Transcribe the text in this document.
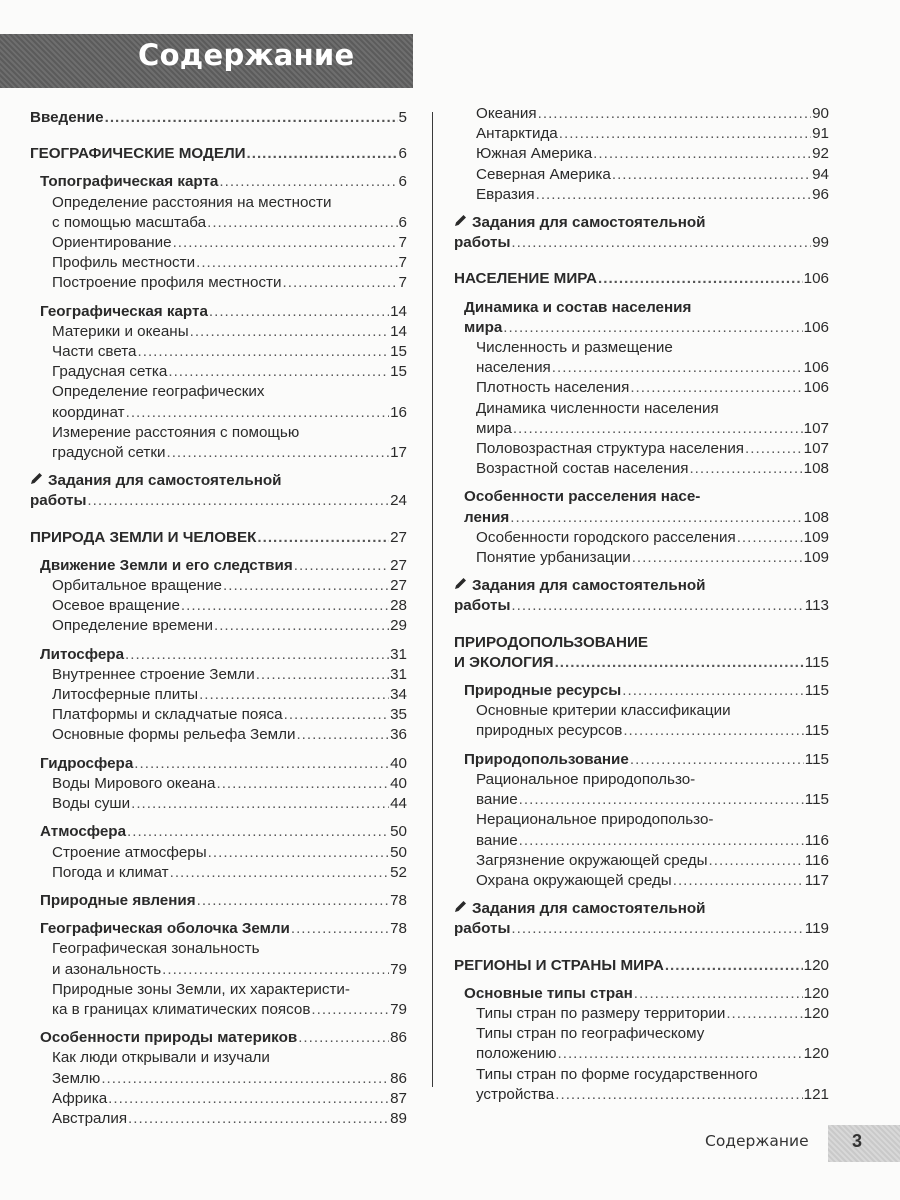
Содержание
Введение .....	5
ГЕОГРАФИЧЕСКИЕ МОДЕЛИ .....	6
Топографическая карта .....	6
Определение расстояния на местности
с помощью масштаба .....	6
Ориентирование .....	7
Профиль местности .....	7
Построение профиля местности .....	7
Географическая карта .....	14
Материки и океаны .....	14
Части света .....	15
Градусная сетка .....	15
Определение географических
координат .....	16
Измерение расстояния с помощью
градусной сетки .....	17
Задания для самостоятельной
работы .....	24
ПРИРОДА ЗЕМЛИ И ЧЕЛОВЕК .....	27
Движение Земли и его следствия .....	27
Орбитальное вращение .....	27
Осевое вращение .....	28
Определение времени .....	29
Литосфера .....	31
Внутреннее строение Земли .....	31
Литосферные плиты .....	34
Платформы и складчатые пояса .....	35
Основные формы рельефа Земли .....	36
Гидросфера .....	40
Воды Мирового океана .....	40
Воды суши .....	44
Атмосфера .....	50
Строение атмосферы .....	50
Погода и климат .....	52
Природные явления .....	78
Географическая оболочка Земли .....	78
Географическая зональность
и азональность .....	79
Природные зоны Земли, их характеристи-
ка в границах климатических поясов .....	79
Особенности природы материков .....	86
Как люди открывали и изучали
Землю .....	86
Африка .....	87
Австралия .....	89
Океания .....	90
Антарктида .....	91
Южная Америка .....	92
Северная Америка .....	94
Евразия .....	96
Задания для самостоятельной
работы .....	99
НАСЕЛЕНИЕ МИРА .....	106
Динамика и состав населения
мира .....	106
Численность и размещение
населения .....	106
Плотность населения .....	106
Динамика численности населения
мира .....	107
Половозрастная структура населения .....	107
Возрастной состав населения .....	108
Особенности расселения насе-
ления .....	108
Особенности городского расселения .....	109
Понятие урбанизации .....	109
Задания для самостоятельной
работы .....	113
ПРИРОДОПОЛЬЗОВАНИЕ
И ЭКОЛОГИЯ .....	115
Природные ресурсы .....	115
Основные критерии классификации
природных ресурсов .....	115
Природопользование .....	115
Рациональное природопользо-
вание .....	115
Нерациональное природопользо-
вание .....	116
Загрязнение окружающей среды .....	116
Охрана окружающей среды .....	117
Задания для самостоятельной
работы .....	119
РЕГИОНЫ И СТРАНЫ МИРА .....	120
Основные типы стран .....	120
Типы стран по размеру территории .....	120
Типы стран по географическому
положению .....	120
Типы стран по форме государственного
устройства .....	121
Содержание 3
